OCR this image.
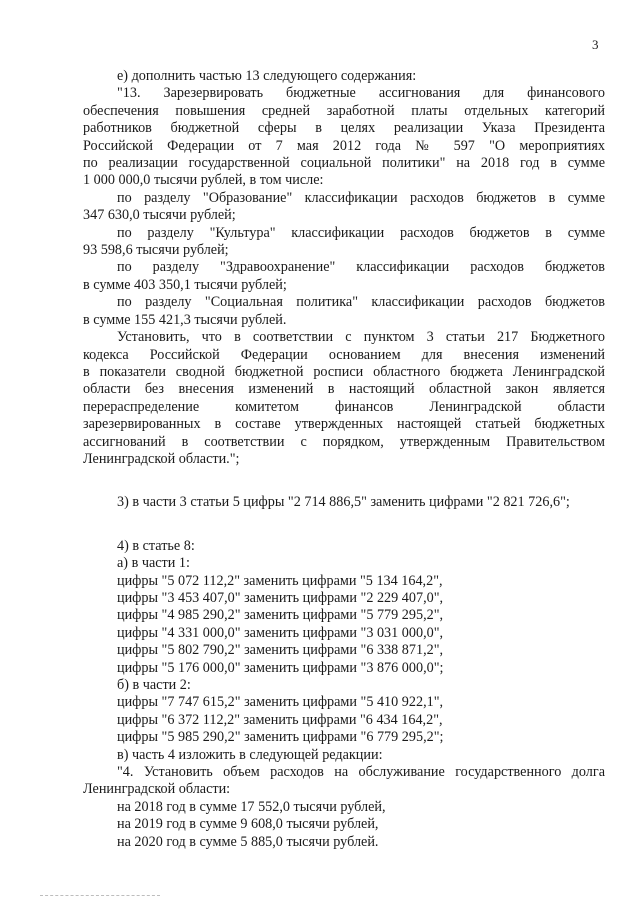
3
е) дополнить частью 13 следующего содержания:
"13. Зарезервировать бюджетные ассигнования для финансового
обеспечения повышения средней заработной платы отдельных категорий
работников бюджетной сферы в целях реализации Указа Президента
Российской Федерации от 7 мая 2012 года № 597 "О мероприятиях
по реализации государственной социальной политики" на 2018 год в сумме
1 000 000,0 тысячи рублей, в том числе:
по разделу "Образование" классификации расходов бюджетов в сумме
347 630,0 тысячи рублей;
по разделу "Культура" классификации расходов бюджетов в сумме
93 598,6 тысячи рублей;
по разделу "Здравоохранение" классификации расходов бюджетов
в сумме 403 350,1 тысячи рублей;
по разделу "Социальная политика" классификации расходов бюджетов
в сумме 155 421,3 тысячи рублей.
Установить, что в соответствии с пунктом 3 статьи 217 Бюджетного
кодекса Российской Федерации основанием для внесения изменений
в показатели сводной бюджетной росписи областного бюджета Ленинградской
области без внесения изменений в настоящий областной закон является
перераспределение комитетом финансов Ленинградской области
зарезервированных в составе утвержденных настоящей статьей бюджетных
ассигнований в соответствии с порядком, утвержденным Правительством
Ленинградской области.";
3) в части 3 статьи 5 цифры "2 714 886,5" заменить цифрами "2 821 726,6";
4) в статье 8:
а) в части 1:
цифры "5 072 112,2" заменить цифрами "5 134 164,2",
цифры "3 453 407,0" заменить цифрами "2 229 407,0",
цифры "4 985 290,2" заменить цифрами "5 779 295,2",
цифры "4 331 000,0" заменить цифрами "3 031 000,0",
цифры "5 802 790,2" заменить цифрами "6 338 871,2",
цифры "5 176 000,0" заменить цифрами "3 876 000,0";
б) в части 2:
цифры "7 747 615,2" заменить цифрами "5 410 922,1",
цифры "6 372 112,2" заменить цифрами "6 434 164,2",
цифры "5 985 290,2" заменить цифрами "6 779 295,2";
в) часть 4 изложить в следующей редакции:
"4. Установить объем расходов на обслуживание государственного долга
Ленинградской области:
на 2018 год в сумме 17 552,0 тысячи рублей,
на 2019 год в сумме 9 608,0 тысячи рублей,
на 2020 год в сумме 5 885,0 тысячи рублей.
